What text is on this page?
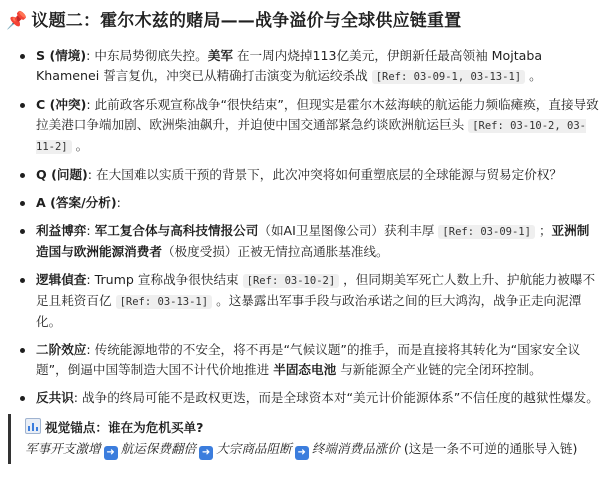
📌 议题二：霍尔木兹的赌局——战争溢价与全球供应链重置
S (情境): 中东局势彻底失控。美军 在一周内烧掉113亿美元，伊朗新任最高领袖 Mojtaba Khamenei 誓言复仇，冲突已从精确打击演变为航运绞杀战 [Ref: 03-09-1, 03-13-1] 。
C (冲突): 此前政客乐观宣称战争“很快结束”，但现实是霍尔木兹海峡的航运能力频临瘫痪，直接导致拉美港口争端加剧、欧洲柴油飙升，并迫使中国交通部紧急约谈欧洲航运巨头 [Ref: 03-10-2, 03-11-2] 。
Q (问题): 在大国难以实质干预的背景下，此次冲突将如何重塑底层的全球能源与贸易定价权？
A (答案/分析):
利益博弈: 军工复合体与高科技情报公司（如AI卫星图像公司）获利丰厚 [Ref: 03-09-1] ；亚洲制造国与欧洲能源消费者（极度受损）正被无情拉高通胀基准线。
逻辑偵查: Trump 宣称战争很快结束 [Ref: 03-10-2] ，但同期美军死亡人数上升、护航能力被曝不足且耗资百亿 [Ref: 03-13-1] 。这暴露出军事手段与政治承诺之间的巨大鸿沟，战争正走向泥潭化。
二阶效应: 传统能源地带的不安全，将不再是“气候议题”的推手，而是直接将其转化为“国家安全议题”，倒逼中国等制造大国不计代价地推进 半固态电池 与新能源全产业链的完全闭环控制。
反共识: 战争的终局可能不是政权更迭，而是全球资本对“美元计价能源体系”不信任度的越狱性爆发。
视觉锚点：谁在为危机买单?
军事开支激增 ➜ 航运保费翻倍 ➜ 大宗商品阻断 ➜ 终端消费品涨价 (这是一条不可逆的通胀导入链)
